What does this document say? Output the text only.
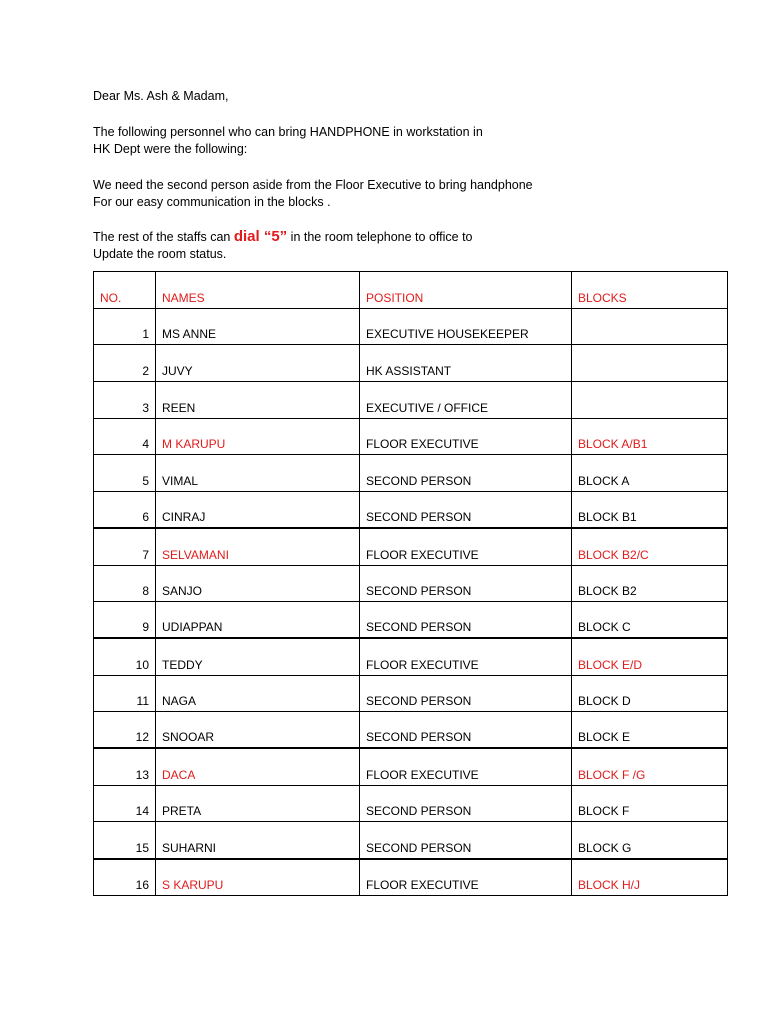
Dear Ms. Ash & Madam,

The following personnel who can bring HANDPHONE in workstation in

HK Dept were the following:

We need the second person aside from the Floor Executive to bring handphone

For our easy communication in the blocks .

The rest of the staffs can dial “5” in the room telephone to office to

Update the room status.

NO.	NAMES	POSITION	BLOCKS
1	MS ANNE	EXECUTIVE HOUSEKEEPER	
2	JUVY	HK ASSISTANT	
3	REEN	EXECUTIVE / OFFICE	
4	M KARUPU	FLOOR EXECUTIVE	BLOCK A/B1
5	VIMAL	SECOND PERSON	BLOCK A
6	CINRAJ	SECOND PERSON	BLOCK B1
7	SELVAMANI	FLOOR EXECUTIVE	BLOCK B2/C
8	SANJO	SECOND PERSON	BLOCK B2
9	UDIAPPAN	SECOND PERSON	BLOCK C
10	TEDDY	FLOOR EXECUTIVE	BLOCK E/D
11	NAGA	SECOND PERSON	BLOCK D
12	SNOOAR	SECOND PERSON	BLOCK E
13	DACA	FLOOR EXECUTIVE	BLOCK F /G
14	PRETA	SECOND PERSON	BLOCK F
15	SUHARNI	SECOND PERSON	BLOCK G
16	S KARUPU	FLOOR EXECUTIVE	BLOCK H/J
